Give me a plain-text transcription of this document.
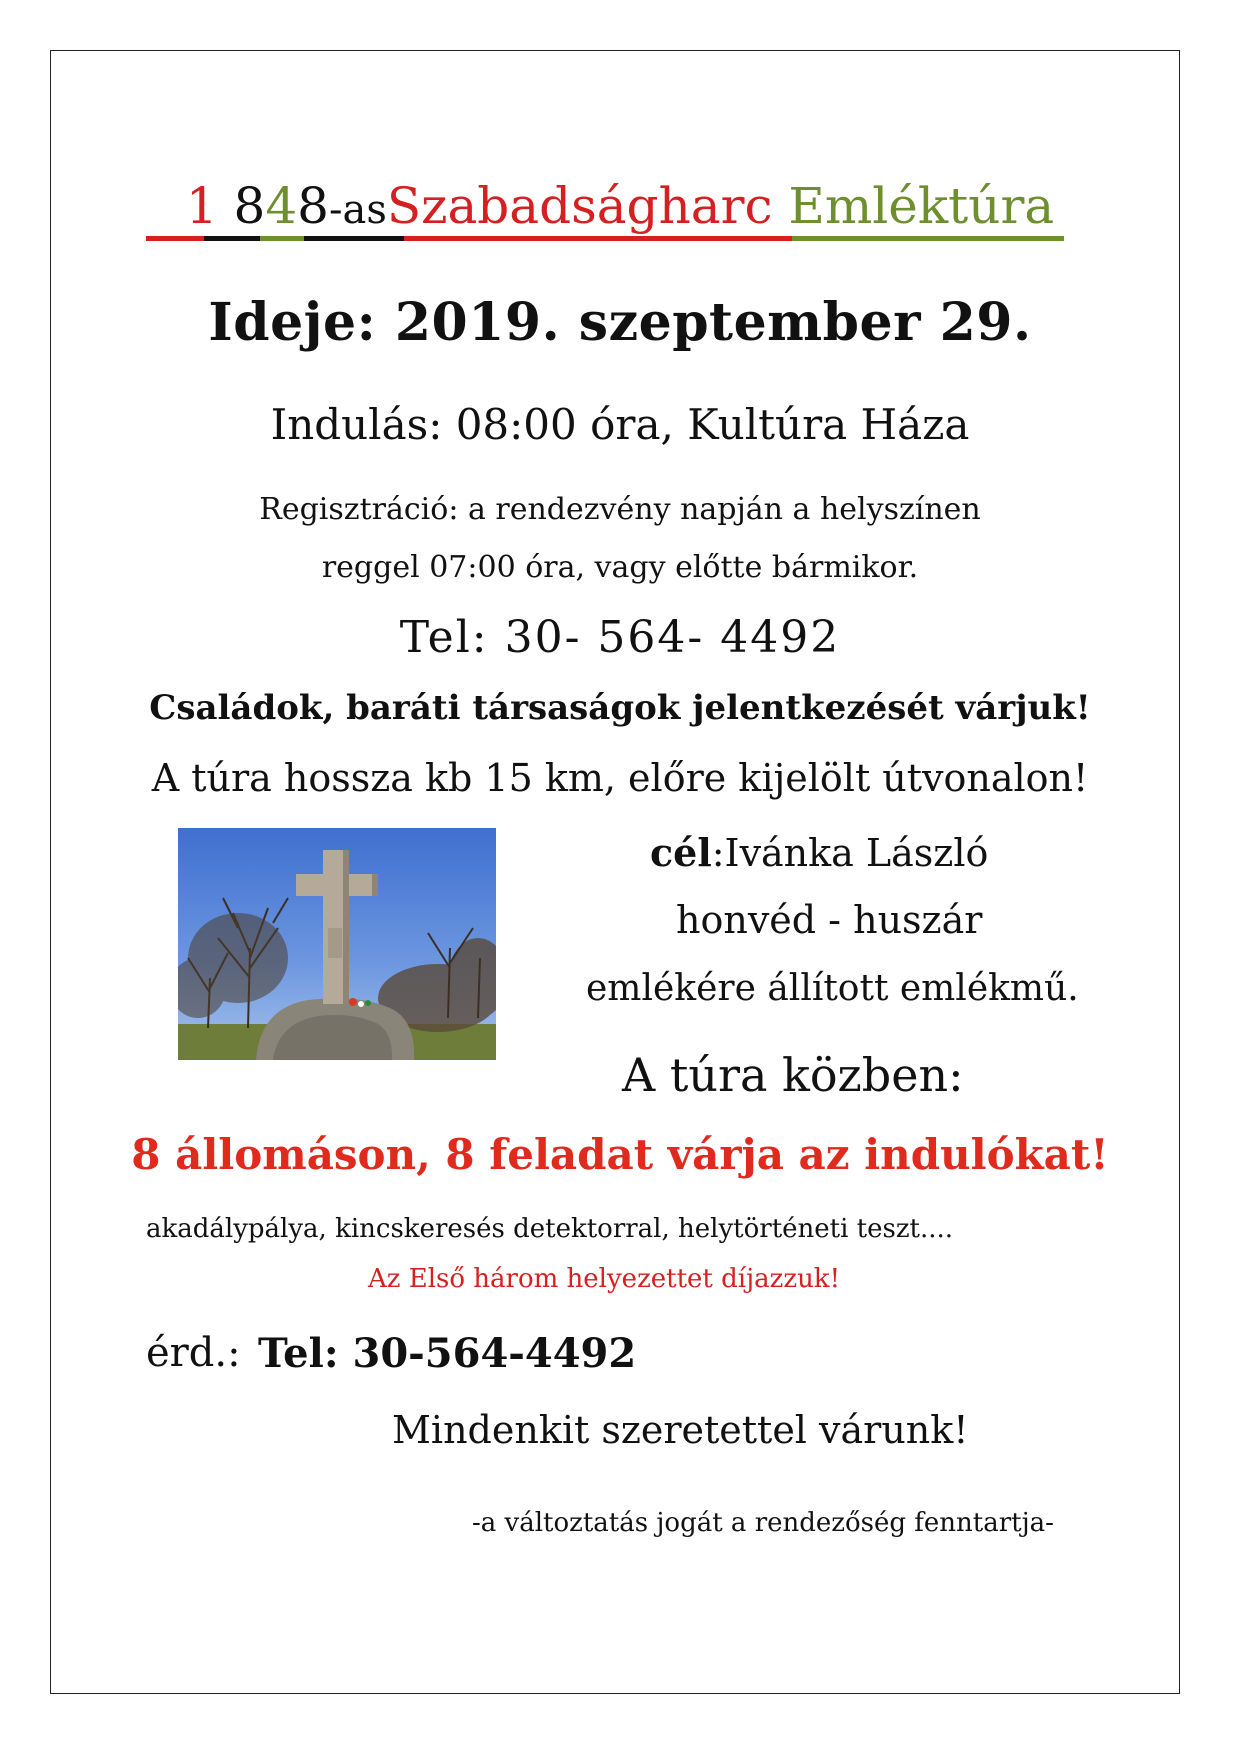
1 848-asSzabadságharc Emléktúra
Ideje: 2019. szeptember 29.
Indulás: 08:00 óra, Kultúra Háza
Regisztráció: a rendezvény napján a helyszínen
reggel 07:00 óra, vagy előtte bármikor.
Tel: 30- 564- 4492
Családok, baráti társaságok jelentkezését várjuk!
A túra hossza kb 15 km, előre kijelölt útvonalon!
cél:Ivánka László
honvéd - huszár
emlékére állított emlékmű.
A túra közben:
8 állomáson, 8 feladat várja az indulókat!
akadálypálya, kincskeresés detektorral, helytörténeti teszt....
Az Első három helyezettet díjazzuk!
érd.: Tel: 30-564-4492
Mindenkit szeretettel várunk!
-a változtatás jogát a rendezőség fenntartja-
